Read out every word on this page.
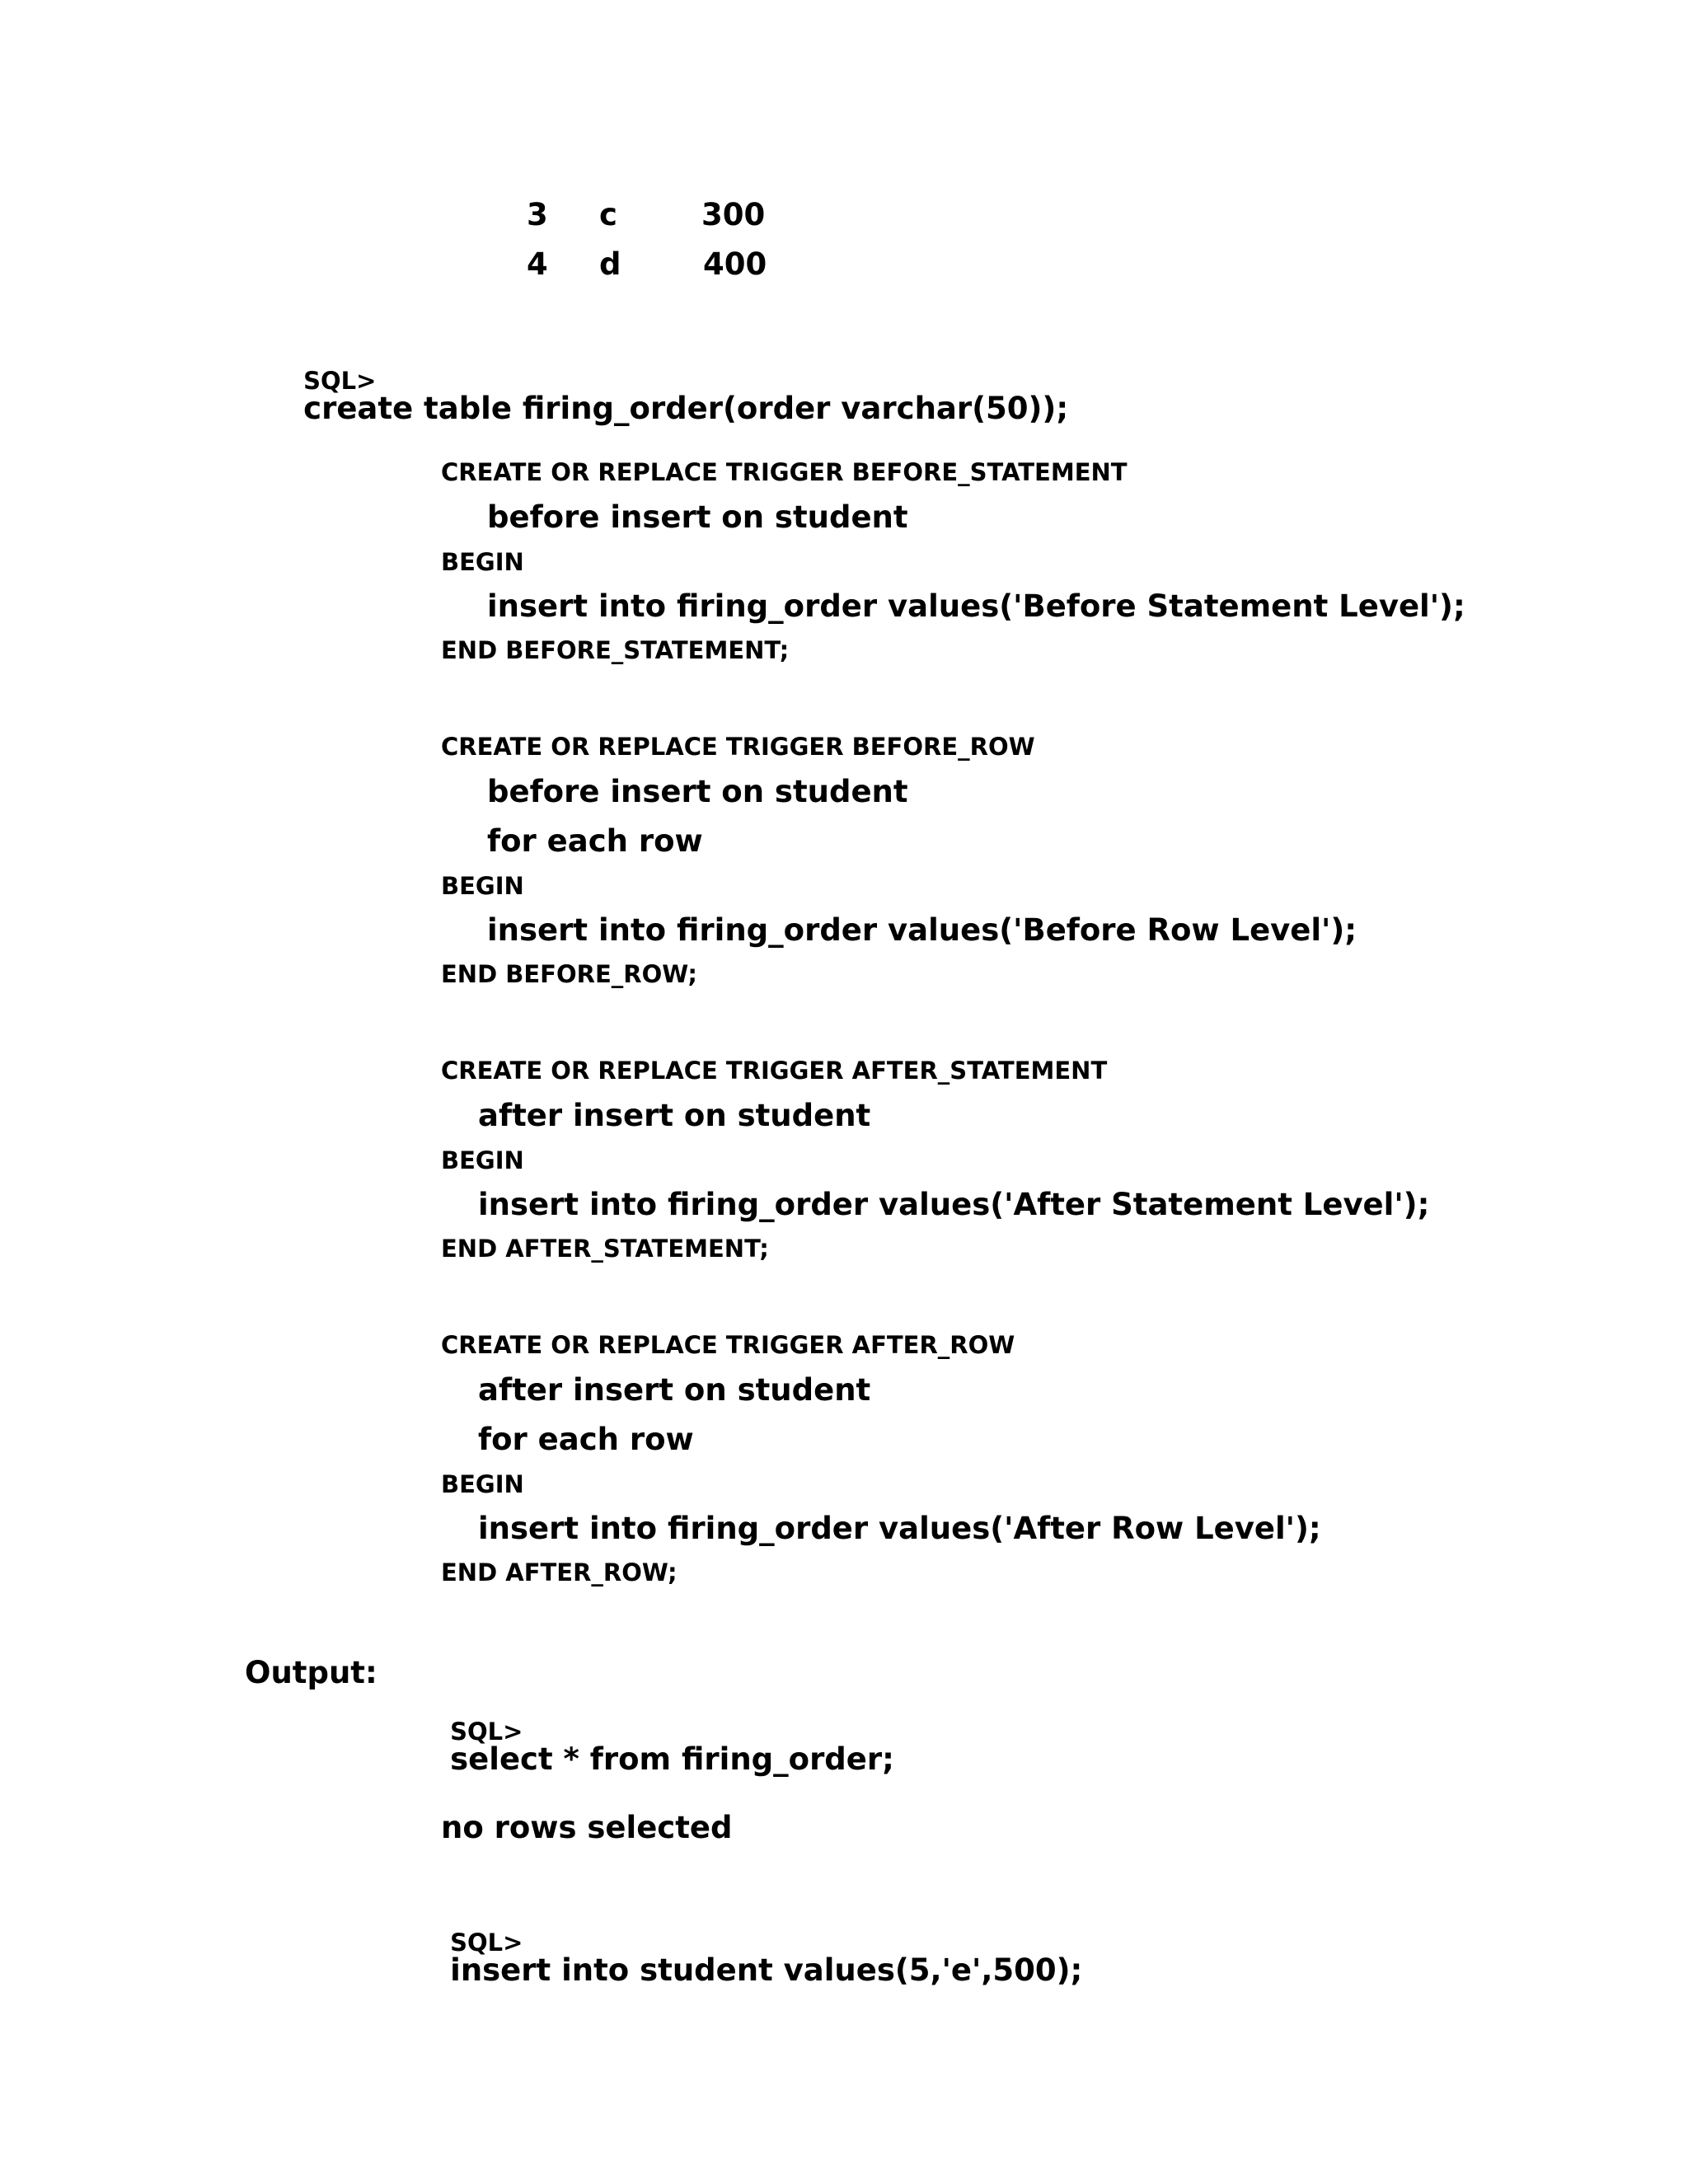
3 c	300
4 d	400

SQL>
create table firing_order(order varchar(50));

CREATE OR REPLACE TRIGGER BEFORE_STATEMENT
before insert on student
BEGIN
insert into firing_order values('Before Statement Level');
END BEFORE_STATEMENT;
CREATE OR REPLACE TRIGGER BEFORE_ROW
before insert on student
for each row
BEGIN
insert into firing_order values('Before Row Level');
END BEFORE_ROW;
CREATE OR REPLACE TRIGGER AFTER_STATEMENT
after insert on student
BEGIN
insert into firing_order values('After Statement Level');
END AFTER_STATEMENT;
CREATE OR REPLACE TRIGGER AFTER_ROW
after insert on student
for each row
BEGIN
insert into firing_order values('After Row Level');
END AFTER_ROW;
Output:

SQL>
select * from firing_order;

no rows selected

SQL>
insert into student values(5,'e',500);
